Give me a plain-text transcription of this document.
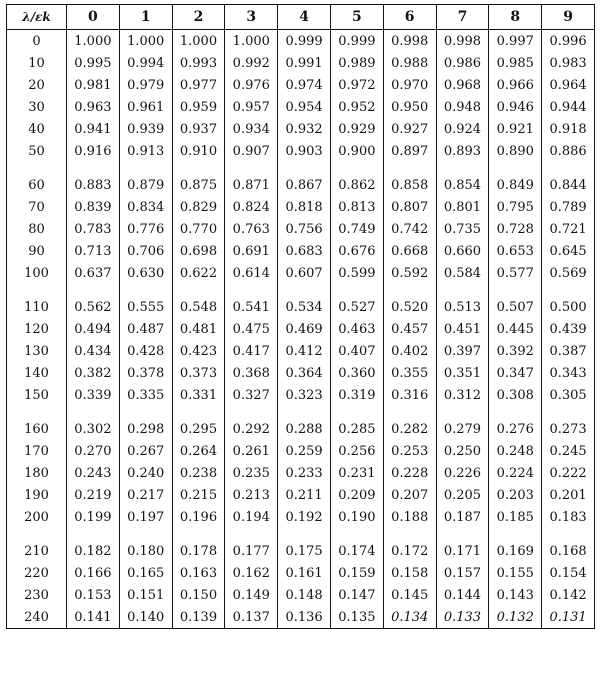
λ/εk	0	1	2	3	4	5	6	7	8	9
0	1.000	1.000	1.000	1.000	0.999	0.999	0.998	0.998	0.997	0.996
10	0.995	0.994	0.993	0.992	0.991	0.989	0.988	0.986	0.985	0.983
20	0.981	0.979	0.977	0.976	0.974	0.972	0.970	0.968	0.966	0.964
30	0.963	0.961	0.959	0.957	0.954	0.952	0.950	0.948	0.946	0.944
40	0.941	0.939	0.937	0.934	0.932	0.929	0.927	0.924	0.921	0.918
50	0.916	0.913	0.910	0.907	0.903	0.900	0.897	0.893	0.890	0.886

60	0.883	0.879	0.875	0.871	0.867	0.862	0.858	0.854	0.849	0.844
70	0.839	0.834	0.829	0.824	0.818	0.813	0.807	0.801	0.795	0.789
80	0.783	0.776	0.770	0.763	0.756	0.749	0.742	0.735	0.728	0.721
90	0.713	0.706	0.698	0.691	0.683	0.676	0.668	0.660	0.653	0.645
100	0.637	0.630	0.622	0.614	0.607	0.599	0.592	0.584	0.577	0.569

110	0.562	0.555	0.548	0.541	0.534	0.527	0.520	0.513	0.507	0.500
120	0.494	0.487	0.481	0.475	0.469	0.463	0.457	0.451	0.445	0.439
130	0.434	0.428	0.423	0.417	0.412	0.407	0.402	0.397	0.392	0.387
140	0.382	0.378	0.373	0.368	0.364	0.360	0.355	0.351	0.347	0.343
150	0.339	0.335	0.331	0.327	0.323	0.319	0.316	0.312	0.308	0.305

160	0.302	0.298	0.295	0.292	0.288	0.285	0.282	0.279	0.276	0.273
170	0.270	0.267	0.264	0.261	0.259	0.256	0.253	0.250	0.248	0.245
180	0.243	0.240	0.238	0.235	0.233	0.231	0.228	0.226	0.224	0.222
190	0.219	0.217	0.215	0.213	0.211	0.209	0.207	0.205	0.203	0.201
200	0.199	0.197	0.196	0.194	0.192	0.190	0.188	0.187	0.185	0.183

210	0.182	0.180	0.178	0.177	0.175	0.174	0.172	0.171	0.169	0.168
220	0.166	0.165	0.163	0.162	0.161	0.159	0.158	0.157	0.155	0.154
230	0.153	0.151	0.150	0.149	0.148	0.147	0.145	0.144	0.143	0.142
240	0.141	0.140	0.139	0.137	0.136	0.135	0.134	0.133	0.132	0.131
